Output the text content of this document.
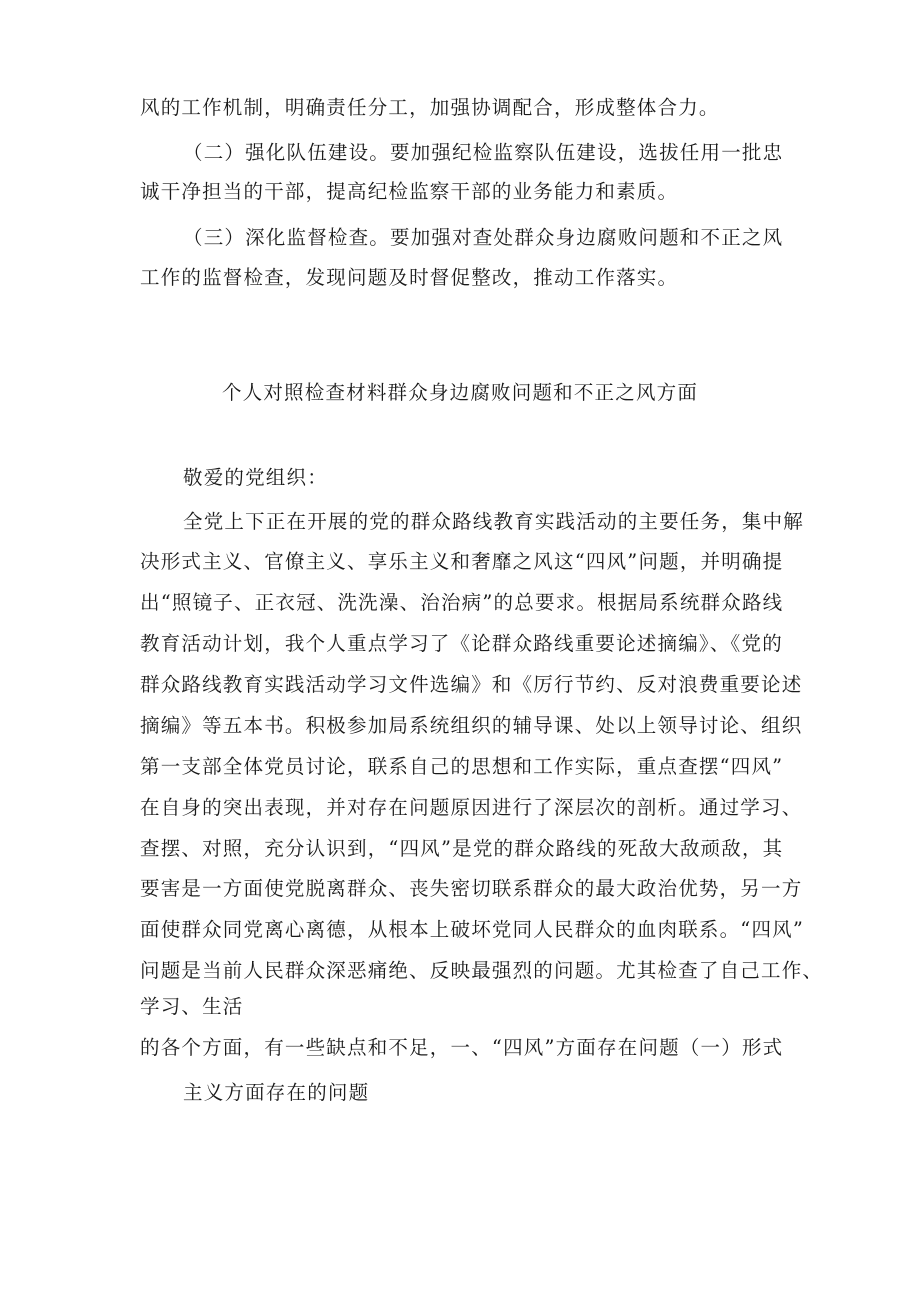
风的工作机制，明确责任分工，加强协调配合，形成整体合力。
（二）强化队伍建设。要加强纪检监察队伍建设，选拔任用一批忠
诚干净担当的干部，提高纪检监察干部的业务能力和素质。
（三）深化监督检查。要加强对查处群众身边腐败问题和不正之风
工作的监督检查，发现问题及时督促整改，推动工作落实。
个人对照检查材料群众身边腐败问题和不正之风方面
敬爱的党组织：
全党上下正在开展的党的群众路线教育实践活动的主要任务，集中解
决形式主义、官僚主义、享乐主义和奢靡之风这“四风”问题，并明确提
出“照镜子、正衣冠、洗洗澡、治治病”的总要求。根据局系统群众路线
教育活动计划，我个人重点学习了《论群众路线重要论述摘编》、《党的
群众路线教育实践活动学习文件选编》和《厉行节约、反对浪费重要论述
摘编》等五本书。积极参加局系统组织的辅导课、处以上领导讨论、组织
第一支部全体党员讨论，联系自己的思想和工作实际，重点查摆“四风”
在自身的突出表现，并对存在问题原因进行了深层次的剖析。通过学习、
查摆、对照，充分认识到，“四风”是党的群众路线的死敌大敌顽敌，其
要害是一方面使党脱离群众、丧失密切联系群众的最大政治优势，另一方
面使群众同党离心离德，从根本上破坏党同人民群众的血肉联系。“四风”
问题是当前人民群众深恶痛绝、反映最强烈的问题。尤其检查了自己工作、
学习、生活
的各个方面，有一些缺点和不足，一、“四风”方面存在问题（一）形式
主义方面存在的问题
